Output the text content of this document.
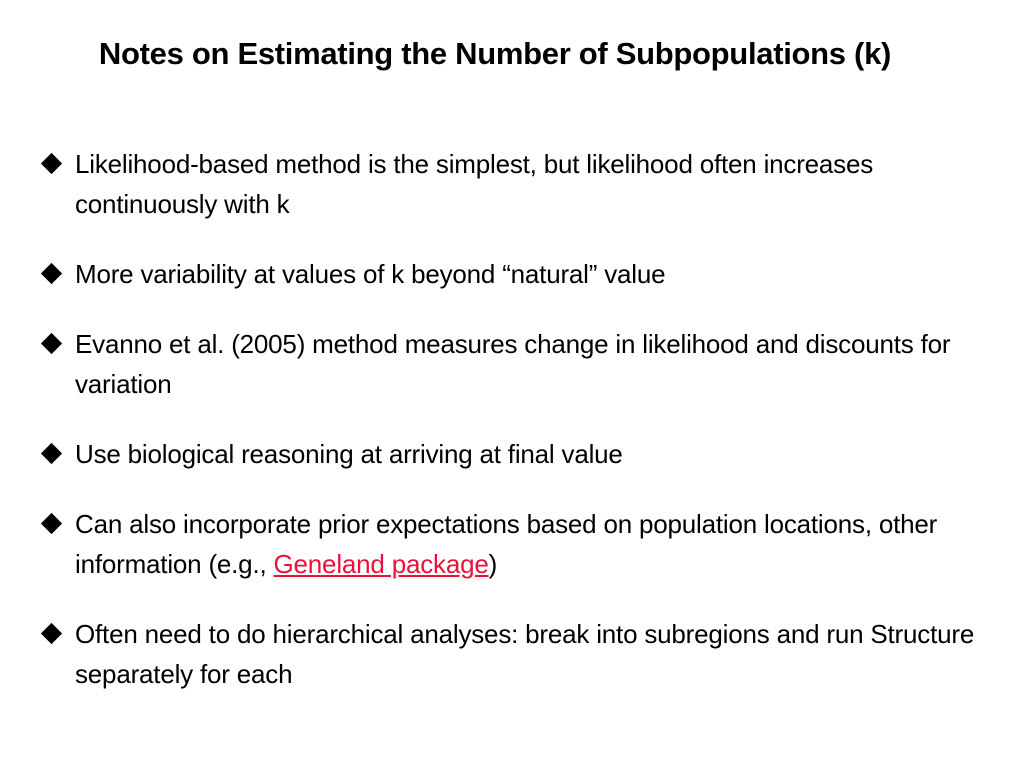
Notes on Estimating the Number of Subpopulations (k)
Likelihood-based method is the simplest, but likelihood often increases continuously with k
More variability at values of k beyond “natural” value
Evanno et al. (2005) method measures change in likelihood and discounts for variation
Use biological reasoning at arriving at final value
Can also incorporate prior expectations based on population locations, other information (e.g., Geneland package)
Often need to do hierarchical analyses: break into subregions and run Structure separately for each
